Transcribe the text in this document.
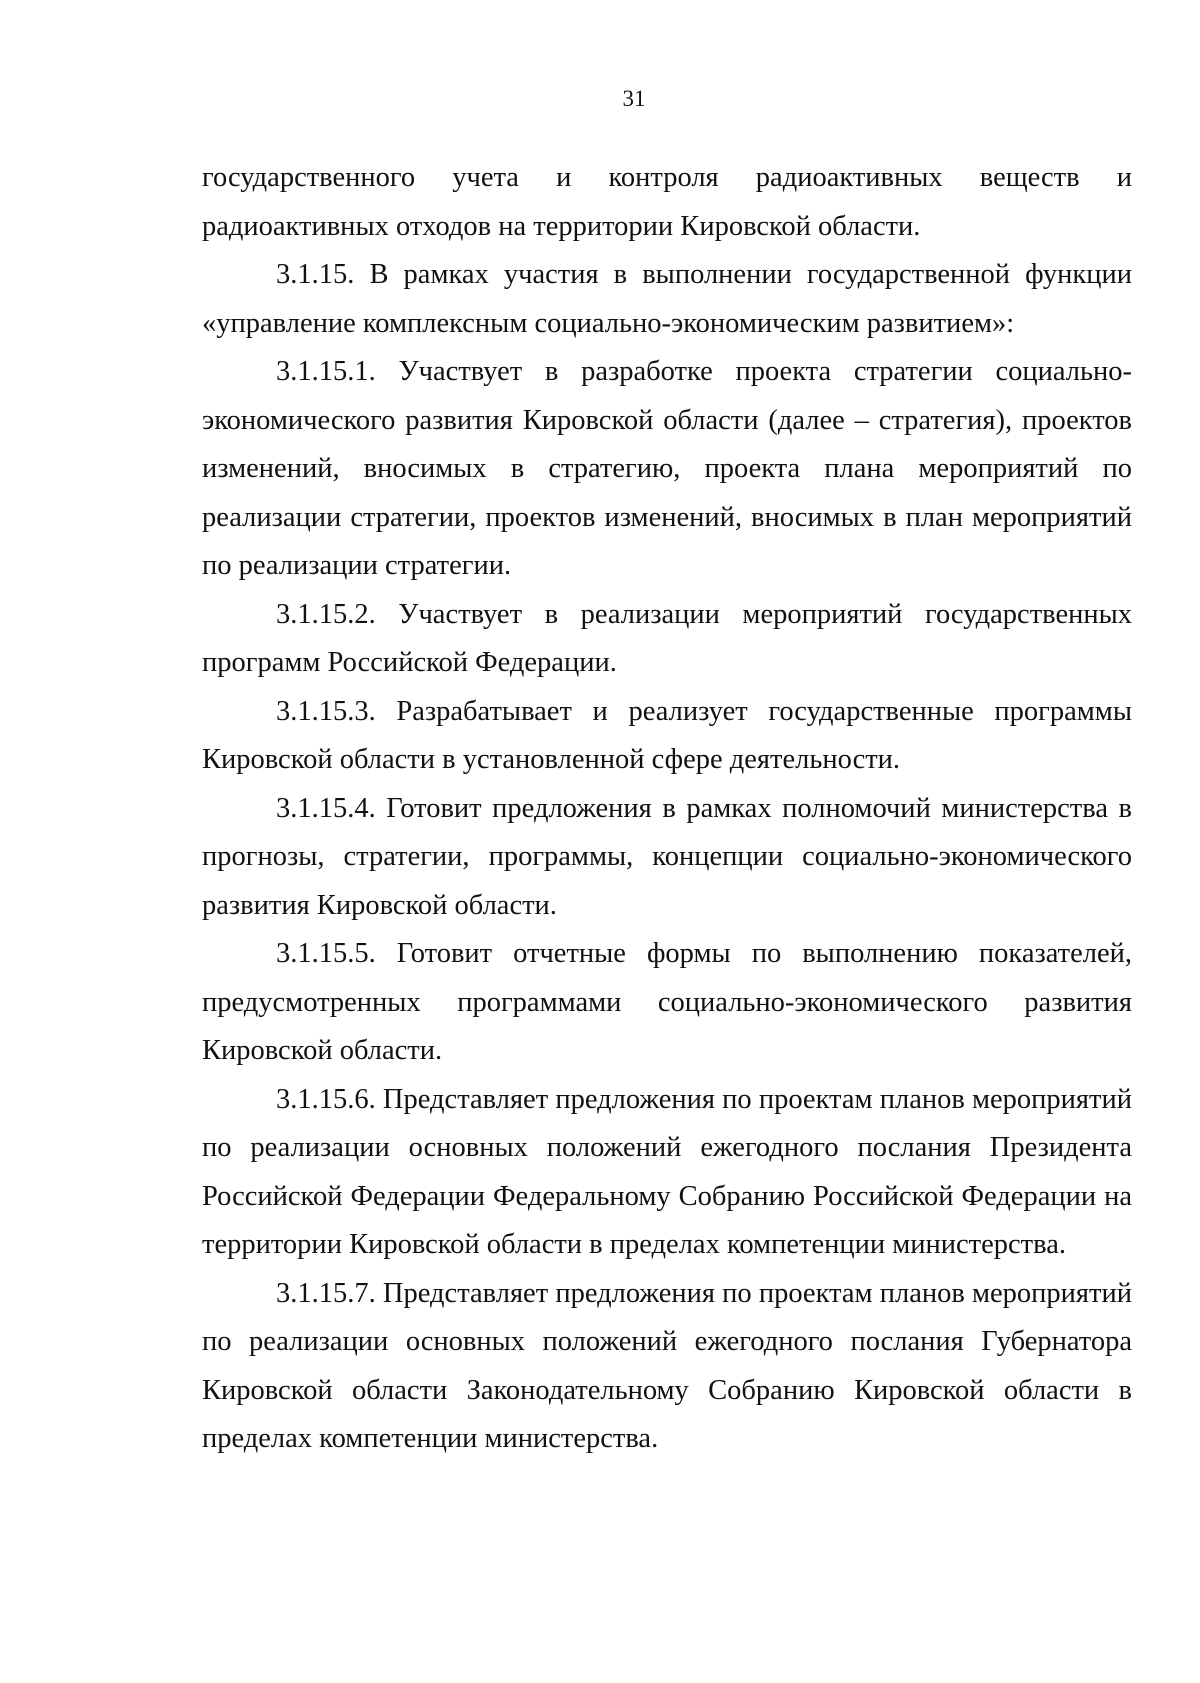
31

государственного учета и контроля радиоактивных веществ и радиоактивных отходов на территории Кировской области.

3.1.15. В рамках участия в выполнении государственной функции «управление комплексным социально-экономическим развитием»:

3.1.15.1. Участвует в разработке проекта стратегии социально-экономического развития Кировской области (далее – стратегия), проектов изменений, вносимых в стратегию, проекта плана мероприятий по реализации стратегии, проектов изменений, вносимых в план мероприятий по реализации стратегии.

3.1.15.2. Участвует в реализации мероприятий государственных программ Российской Федерации.

3.1.15.3. Разрабатывает и реализует государственные программы Кировской области в установленной сфере деятельности.

3.1.15.4. Готовит предложения в рамках полномочий министерства в прогнозы, стратегии, программы, концепции социально-экономического развития Кировской области.

3.1.15.5. Готовит отчетные формы по выполнению показателей, предусмотренных программами социально-экономического развития Кировской области.

3.1.15.6. Представляет предложения по проектам планов мероприятий по реализации основных положений ежегодного послания Президента Российской Федерации Федеральному Собранию Российской Федерации на территории Кировской области в пределах компетенции министерства.

3.1.15.7. Представляет предложения по проектам планов мероприятий по реализации основных положений ежегодного послания Губернатора Кировской области Законодательному Собранию Кировской области в пределах компетенции министерства.
